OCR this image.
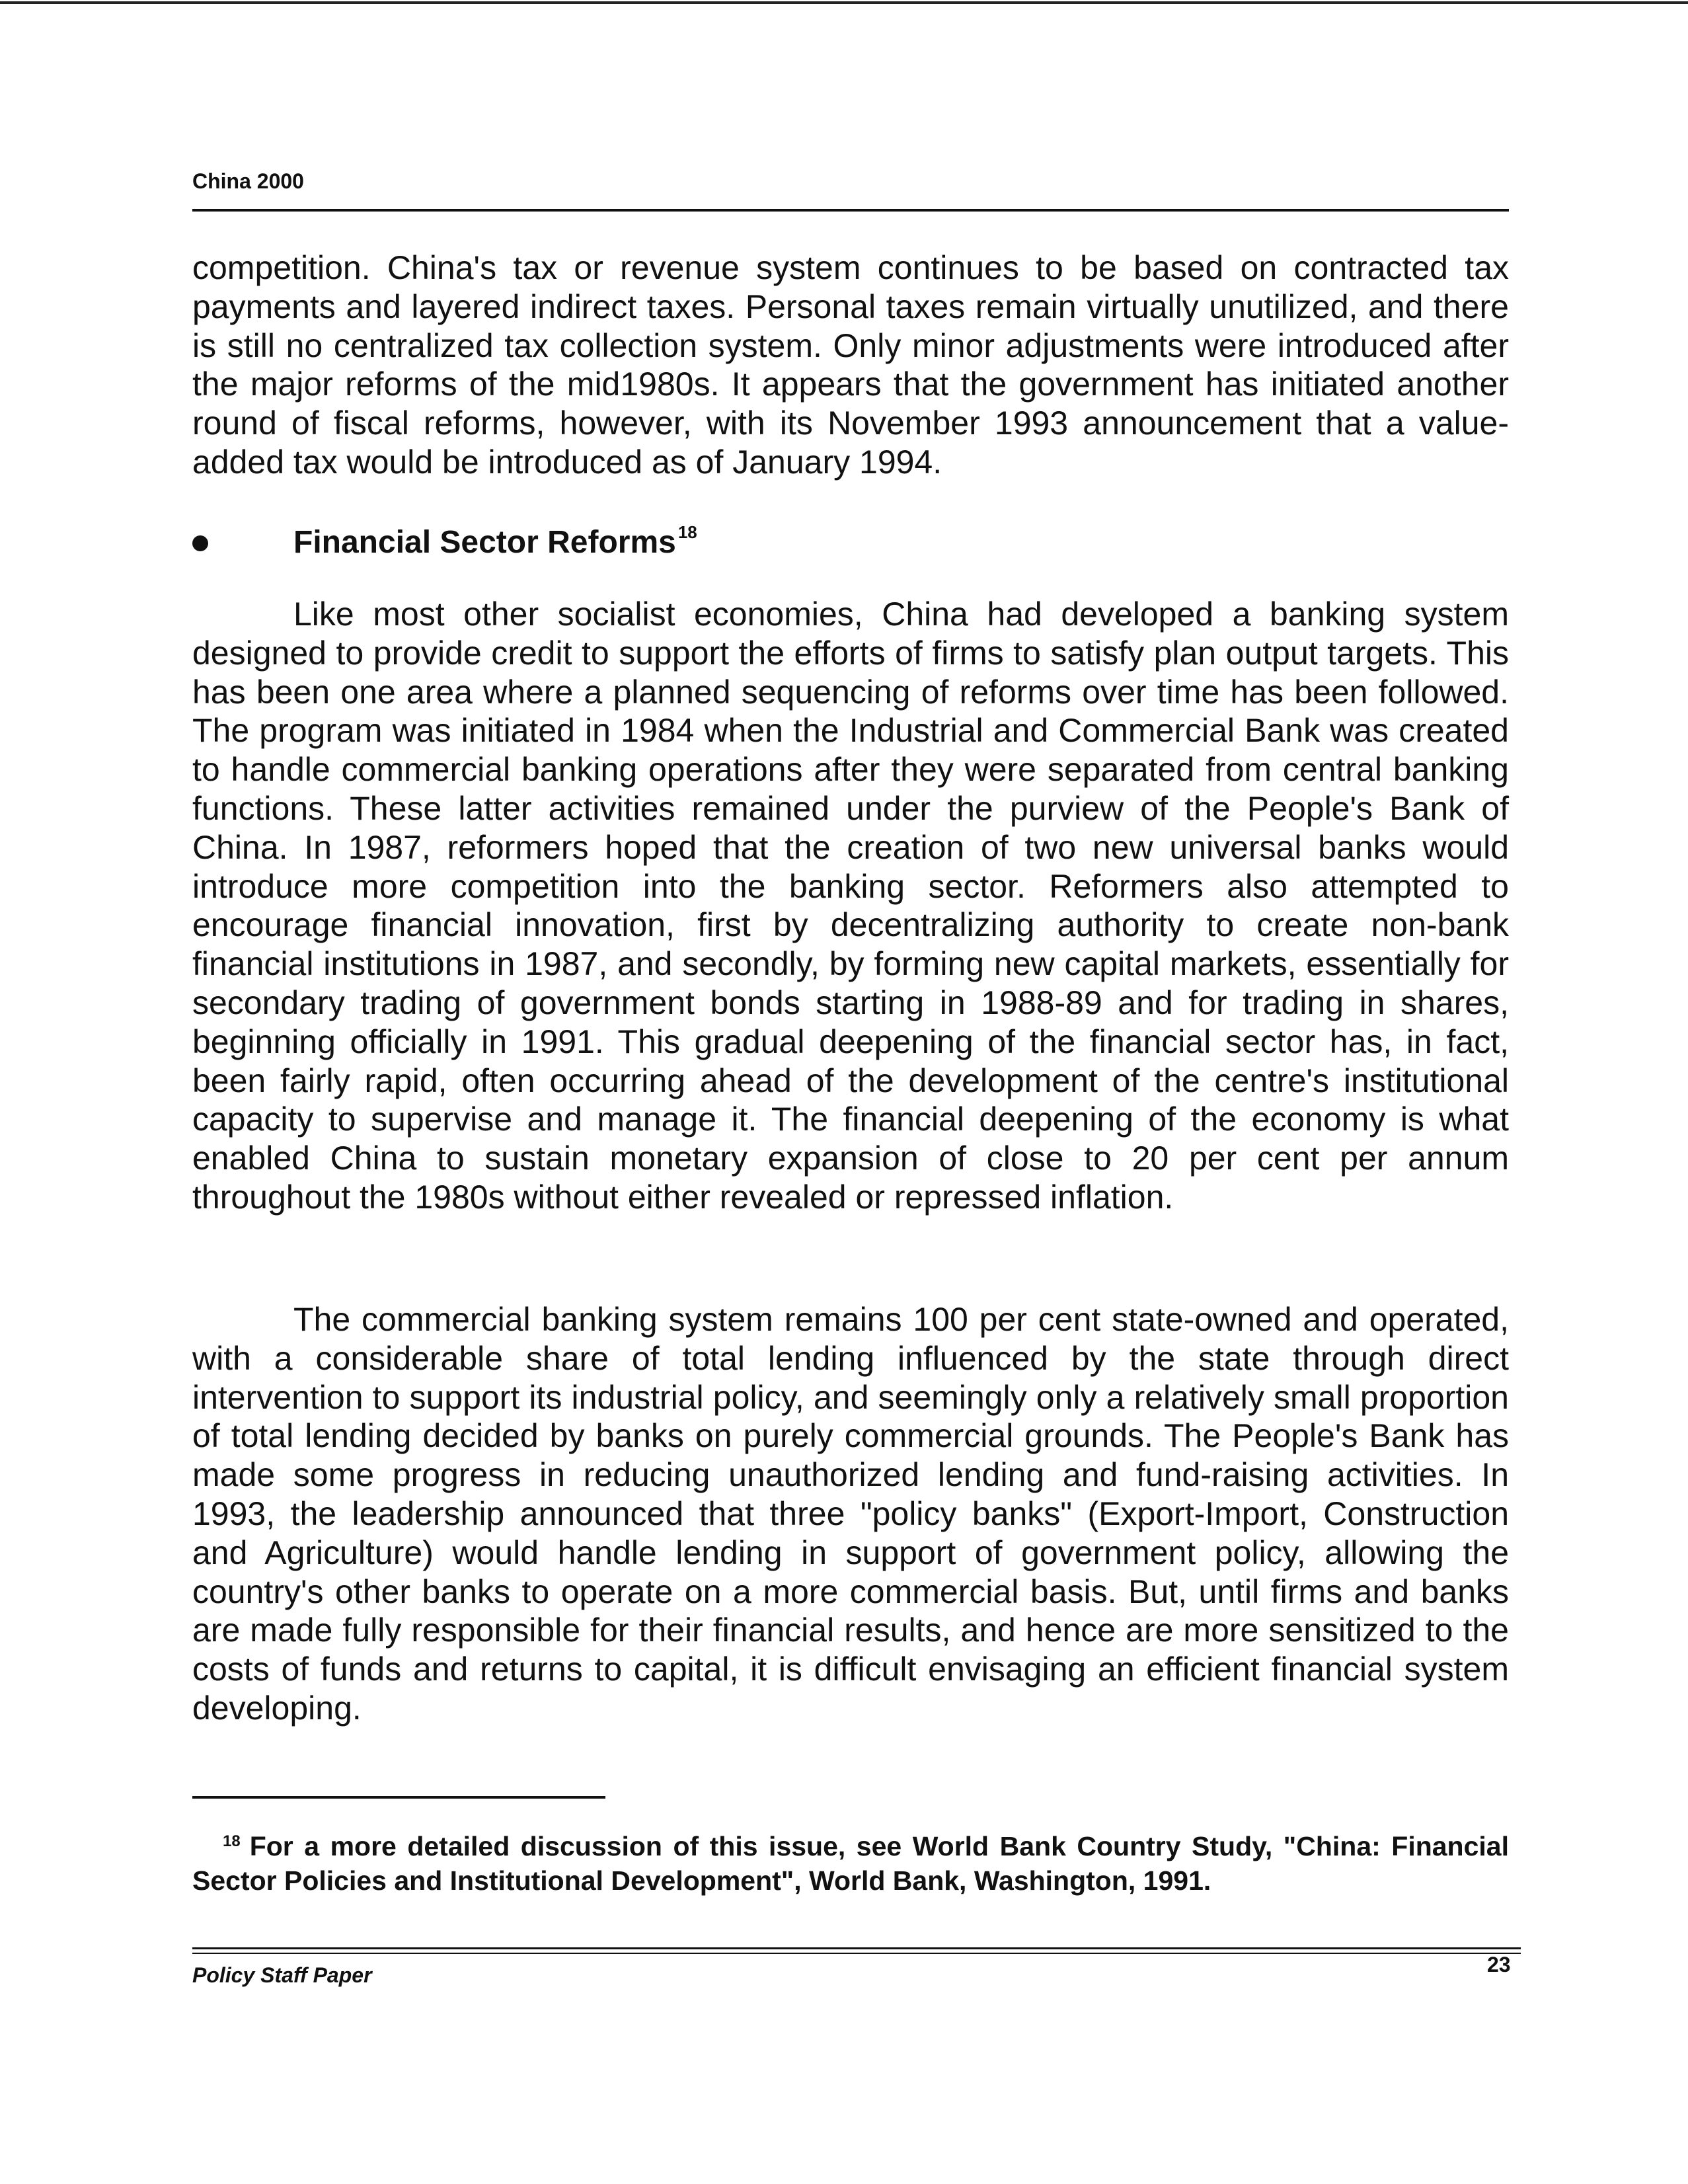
China 2000

competition. China's tax or revenue system continues to be based on contracted tax payments and layered indirect taxes. Personal taxes remain virtually unutilized, and there is still no centralized tax collection system. Only minor adjustments were introduced after the major reforms of the mid1980s. It appears that the government has initiated another round of fiscal reforms, however, with its November 1993 announcement that a value-added tax would be introduced as of January 1994.

Financial Sector Reforms $^{18}$

Like most other socialist economies, China had developed a banking system designed to provide credit to support the efforts of firms to satisfy plan output targets. This has been one area where a planned sequencing of reforms over time has been followed. The program was initiated in 1984 when the Industrial and Commercial Bank was created to handle commercial banking operations after they were separated from central banking functions. These latter activities remained under the purview of the People's Bank of China. In 1987, reformers hoped that the creation of two new universal banks would introduce more competition into the banking sector. Reformers also attempted to encourage financial innovation, first by decentralizing authority to create non-bank financial institutions in 1987, and secondly, by forming new capital markets, essentially for secondary trading of government bonds starting in 1988-89 and for trading in shares, beginning officially in 1991. This gradual deepening of the financial sector has, in fact, been fairly rapid, often occurring ahead of the development of the centre's institutional capacity to supervise and manage it. The financial deepening of the economy is what enabled China to sustain monetary expansion of close to 20 per cent per annum throughout the 1980s without either revealed or repressed inflation.

The commercial banking system remains 100 per cent state-owned and operated, with a considerable share of total lending influenced by the state through direct intervention to support its industrial policy, and seemingly only a relatively small proportion of total lending decided by banks on purely commercial grounds. The People's Bank has made some progress in reducing unauthorized lending and fund-raising activities. In 1993, the leadership announced that three "policy banks" (Export-Import, Construction and Agriculture) would handle lending in support of government policy, allowing the country's other banks to operate on a more commercial basis. But, until firms and banks are made fully responsible for their financial results, and hence are more sensitized to the costs of funds and returns to capital, it is difficult envisaging an efficient financial system developing.

18 For a more detailed discussion of this issue, see World Bank Country Study, "China: Financial Sector Policies and Institutional Development", World Bank, Washington, 1991.
Policy Staff Paper	23
